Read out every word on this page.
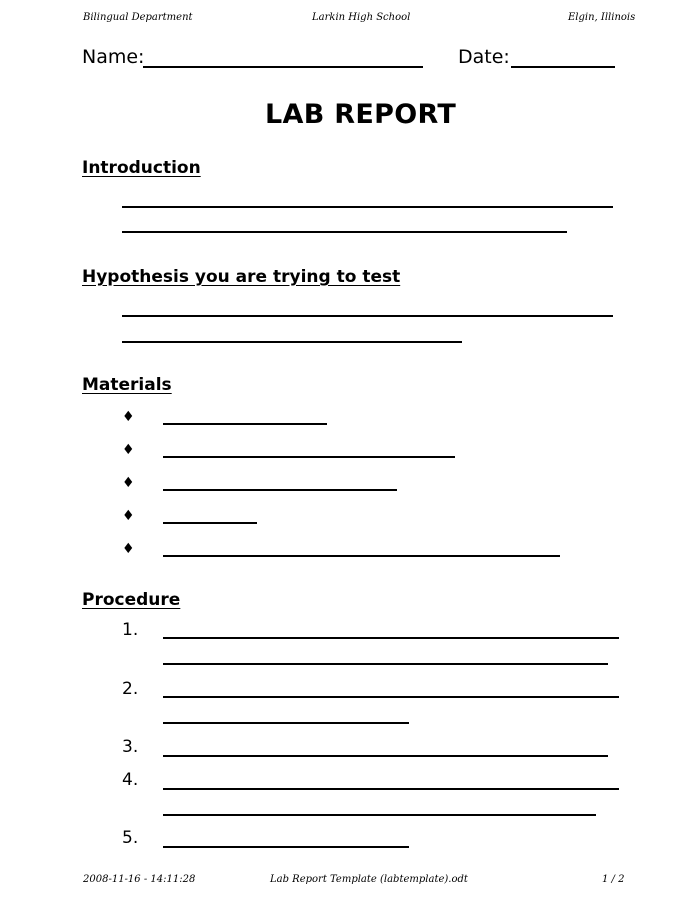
Bilingual Department	Larkin High School	Elgin, Illinois
Name:	Date:
LAB REPORT
Introduction
Hypothesis you are trying to test
Materials
♦
♦
♦
♦
♦
Procedure
1.
2.
3.
4.
5.
2008-11-16 - 14:11:28	Lab Report Template (labtemplate).odt	1 / 2
